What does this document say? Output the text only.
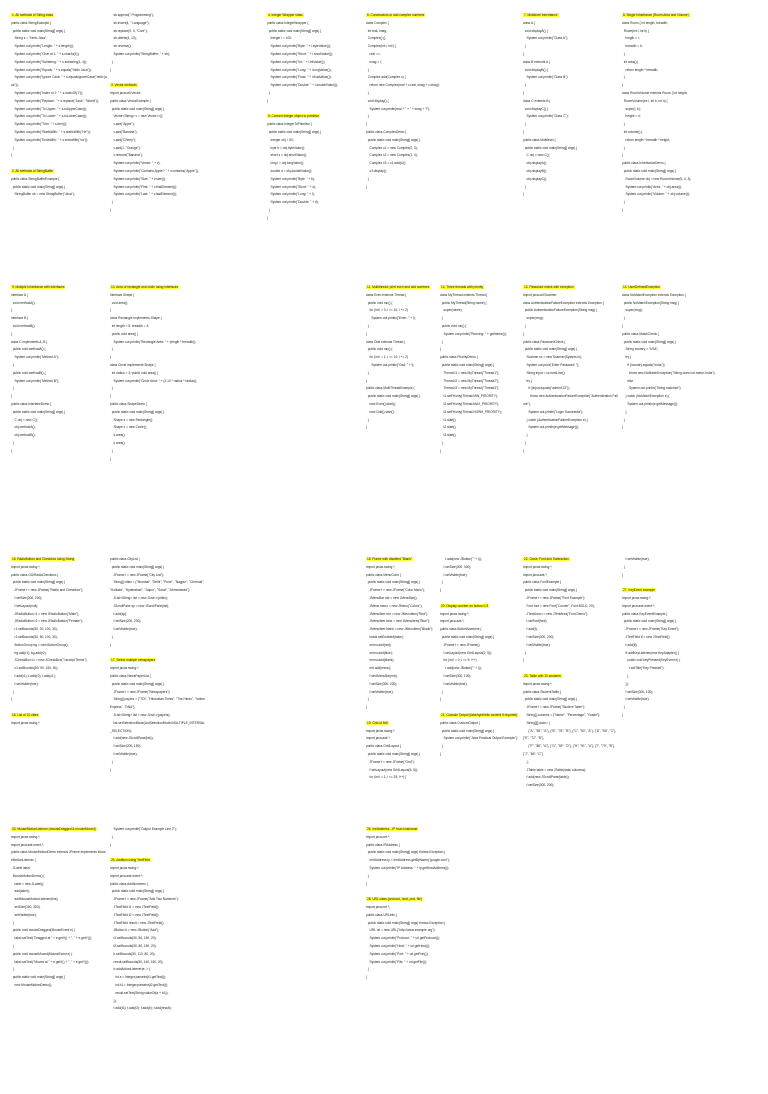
1. All methods of String class
public class StringExample {
public static void main(String[] args) {
String s = "Hello Java";
System.out.println("Length: " + s.length());
System.out.println("Char at 1: " + s.charAt(1));
System.out.println("Substring: " + s.substring(1, 4));
System.out.println("Equals: " + s.equals("Hello Java"));
System.out.println("Ignore Case: " + s.equalsIgnoreCase("hello java"));
System.out.println("Index of J: " + s.indexOf('J'));
System.out.println("Replace: " + s.replace("Java", "World"));
System.out.println("To Upper: " + s.toUpperCase());
System.out.println("To Lower: " + s.toLowerCase());
System.out.println("Trim: " + s.trim());
System.out.println("StartsWith: " + s.startsWith("He"));
System.out.println("EndsWith: " + s.endsWith("va"));
}
}
2. All methods of StringBuffer
public class StringBufferExample {
public static void main(String[] args) {
StringBuffer sb = new StringBuffer("Java");
sb.append(" Programming");
sb.insert(4, " Language");
sb.replace(0, 4, "Core");
sb.delete(4, 13);
sb.reverse();
System.out.println("StringBuffer: " + sb);
}
}
3. Vector methods
import java.util.Vector;
public class VectorExample {
public static void main(String[] args) {
Vector<String> v = new Vector<>();
v.add("Apple");
v.add("Banana");
v.add("Cherry");
v.add(1, "Orange");
v.remove("Banana");
System.out.println("Vector: " + v);
System.out.println("Contains Apple? " + v.contains("Apple"));
System.out.println("Size: " + v.size());
System.out.println("First: " + v.firstElement());
System.out.println("Last: " + v.lastElement());
}
}
4. Integer Wrapper class
public class IntegerWrapper {
public static void main(String[] args) {
Integer i = 100;
System.out.println("Byte: " + i.byteValue());
System.out.println("Short: " + i.shortValue());
System.out.println("Int: " + i.intValue());
System.out.println("Long: " + i.longValue());
System.out.println("Float: " + i.floatValue());
System.out.println("Double: " + i.doubleValue());
}
}
5. Convert integer object to primitive
public class IntegerToPrimitive {
public static void main(String[] args) {
Integer obj = 50;
byte b = obj.byteValue();
short s = obj.shortValue();
long l = obj.longValue();
double d = obj.doubleValue();
System.out.println("Byte: " + b);
System.out.println("Short: " + s);
System.out.println("Long: " + l);
System.out.println("Double: " + d);
}
}
6. Constructors to add complex numbers
class Complex {
int real, imag;
Complex() {}
Complex(int r, int i) {
real = r;
imag = i;
}
Complex add(Complex c) {
return new Complex(real + c.real, imag + c.imag);
}
void display() {
System.out.println(real + " + " + imag + "i");
}
}
public class ComplexDemo {
public static void main(String[] args) {
Complex c1 = new Complex(2, 3);
Complex c2 = new Complex(1, 4);
Complex c3 = c1.add(c2);
c3.display();
}
}
7. Multilevel Inheritance
class A {
void displayA() {
System.out.println("Class A");
}
}
class B extends A {
void displayB() {
System.out.println("Class B");
}
}
class C extends B {
void displayC() {
System.out.println("Class C");
}
}
public class Multilevel {
public static void main(String[] args) {
C obj = new C();
obj.displayA();
obj.displayB();
obj.displayC();
}
}
8. Single Inheritance (Room Area and Volume)
class Room { int length, breadth;
Room(int l, int b) {
length = l;
breadth = b;
}
int area() {
return length * breadth;
}
}
class RoomVolume extends Room { int height;
RoomVolume(int l, int b, int h) {
super(l, b);
height = h;
}
int volume() {
return length * breadth * height;
}
}
public class InheritanceDemo {
public static void main(String[] args) {
RoomVolume obj = new RoomVolume(5, 4, 3);
System.out.println("Area: " + obj.area());
System.out.println("Volume: " + obj.volume());
}
}
9. Multiple Inheritance with interfaces
interface A {
void methodA();
}
interface B {
void methodB();
}
class C implements A, B {
public void methodA() {
System.out.println("Method A");
}
public void methodB() {
System.out.println("Method B");
}
}
public class InterfaceDemo {
public static void main(String[] args) {
C obj = new C();
obj.methodA();
obj.methodB();
}
}
10. Area of rectangle and circle using interfaces
interface Shape {
void area();
}
class Rectangle implements Shape {
int length = 5, breadth = 4;
public void area() {
System.out.println("Rectangle Area: " + (length * breadth));
}
}
class Circle implements Shape {
int radius = 3; public void area() {
System.out.println("Circle Area: " + (3.14 * radius * radius));
}
}
public class ShapeDemo {
public static void main(String[] args) {
Shape s = new Rectangle();
Shape c = new Circle();
s.area();
c.area();
}
}
11. Multithread: print even and odd numbers
class Even extends Thread {
public void run() {
for (int i = 0; i <= 10; i += 2)
System.out.println("Even: " + i);
}
}
class Odd extends Thread {
public void run() {
for (int i = 1; i <= 10; i += 2)
System.out.println("Odd: " + i);
}
}
public class MultiThreadExample {
public static void main(String[] args) {
new Even().start();
new Odd().start();
}
}
12. Three threads with priority
class MyThread extends Thread {
public MyThread(String name) {
super(name);
}
public void run() {
System.out.println("Running: " + getName());
}
}
public class PriorityDemo {
public static void main(String[] args) {
Thread t1 = new MyThread("Thread1");
Thread t2 = new MyThread("Thread2");
Thread t3 = new MyThread("Thread3");
t1.setPriority(Thread.MIN_PRIORITY);
t2.setPriority(Thread.MAX_PRIORITY);
t3.setPriority(Thread.NORM_PRIORITY);
t1.start();
t2.start();
t3.start();
}
}
13. Password check with exception
import java.util.Scanner;
class AuthenticationFailureException extends Exception {
public AuthenticationFailureException(String msg) {
super(msg);
}
}
public class PasswordCheck {
public static void main(String[] args) {
Scanner sc = new Scanner(System.in);
System.out.print("Enter Password: ");
String input = sc.nextLine();
try {
if (!input.equals("admin123"))
throw new AuthenticationFailureException("Authentication Failure");
System.out.println("Login Successful");
} catch (AuthenticationFailureException e) {
System.out.println(e.getMessage());
}
}
}
14. UserDefinedException
class NoMatchException extends Exception {
public NoMatchException(String msg) {
super(msg);
}
}
public class MatchCheck {
public static void main(String[] args) {
String country = "USA";
try {
if (!country.equals("India"))
throw new NoMatchException("String does not match India");
else
System.out.println("String matched");
} catch (NoMatchException e) {
System.out.println(e.getMessage());
}
}
}
15. RadioButton and Checkbox using Swing
import javax.swing.*;
public class GUIRadioCheckbox {
public static void main(String[] args) {
JFrame f = new JFrame("Radio and Checkbox");
f.setSize(300, 200);
f.setLayout(null);
JRadioButton r1 = new JRadioButton("Male");
JRadioButton r2 = new JRadioButton("Female");
r1.setBounds(50, 20, 100, 30);
r2.setBounds(50, 50, 100, 30);
ButtonGroup bg = new ButtonGroup();
bg.add(r1); bg.add(r2);
JCheckBox c1 = new JCheckBox("I accept Terms");
c1.setBounds(50, 90, 150, 30);
f.add(r1); f.add(r2); f.add(c1);
f.setVisible(true);
}
}
16. List of 10 cities
import javax.swing.*;
public class CityList {
public static void main(String[] args) {
JFrame f = new JFrame("City List");
String[] cities = {"Mumbai", "Delhi", "Pune", "Nagpur", "Chennai", "Kolkata", "Hyderabad", "Jaipur", "Surat", "Ahmedabad"};
JList<String> list = new JList<>(cities);
JScrollPane sp = new JScrollPane(list);
f.add(sp);
f.setSize(200, 200);
f.setVisible(true);
}
}
17. Select multiple newspapers
import javax.swing.*;
public class NewsPaperList {
public static void main(String[] args) {
JFrame f = new JFrame("Newspapers");
String[] papers = {"TOI", "Hindustan Times", "The Hindu", "Indian Express", "DNA"};
JList<String> list = new JList<>(papers);
list.setSelectionMode(ListSelectionModel.MULTIPLE_INTERVAL_SELECTION);
f.add(new JScrollPane(list));
f.setSize(200, 150);
f.setVisible(true);
}
}
18. Frame with disabled "Blank"
import javax.swing.*;
public class MenuColor {
public static void main(String[] args) {
JFrame f = new JFrame("Color Menu");
JMenuBar mb = new JMenuBar();
JMenu menu = new JMenu("Colors");
JMenuItem red = new JMenuItem("Red");
JMenuItem blue = new JMenuItem("Blue");
JMenuItem blank = new JMenuItem("Blank");
blank.setEnabled(false);
menu.add(red);
menu.add(blue);
menu.add(blank);
mb.add(menu);
f.setJMenuBar(mb);
f.setSize(300, 200);
f.setVisible(true);
}
}
19. Grid of 5x5
import javax.swing.*;
import java.awt.*;
public class GridLayout {
public static void main(String[] args) {
JFrame f = new JFrame("Grid");
f.setLayout(new GridLayout(5, 5));
for (int i = 1; i <= 25; i++) {
f.add(new JButton("" + i));
f.setSize(300, 300);
f.setVisible(true);
}
}
20. Display number on button 0-9
import javax.swing.*;
import java.awt.*;
public class ButtonNumbers {
public static void main(String[] args) {
JFrame f = new JFrame();
f.setLayout(new GridLayout(2, 5));
for (int i = 0; i <= 9; i++)
f.add(new JButton("" + i));
f.setSize(300, 100);
f.setVisible(true);
}
}
21. Console Output (fake/synthetic content if required)
public class CustomOutput {
public static void main(String[] args) {
System.out.println("Java Practical Output Example");
}
}
22. Close: Font and Subtraction
import javax.swing.*;
import java.awt.*;
public class FontExample {
public static void main(String[] args) {
JFrame f = new JFrame("Font Example");
Font font = new Font("Courier", Font.BOLD, 20);
JTextArea t = new JTextArea("Font Demo");
t.setFont(font);
f.add(t);
f.setSize(300, 200);
f.setVisible(true);
}
}
23. Table with 10 students
import javax.swing.*;
public class StudentTable {
public static void main(String[] args) {
JFrame f = new JFrame("Student Table");
String[] columns = {"Name", "Percentage", "Grade"};
String[][] data = {
{"A", "85", "A"}, {"B", "78", "B"}, {"C", "90", "A"}, {"D", "65", "C"}, {"E", "72", "B"},
{"F", "88", "A"}, {"G", "59", "D"}, {"H", "91", "A"}, {"I", "70", "B"}, {"J", "66", "C"}
};
JTable table = new JTable(data, columns);
f.add(new JScrollPane(table));
f.setSize(300, 200);
f.setVisible(true);
}
}
27. KeyEvent example
import javax.swing.*;
import java.awt.event.*;
public class KeyEventExample {
public static void main(String[] args) {
JFrame f = new JFrame("Key Event");
JTextField tf = new JTextField();
f.add(tf);
tf.addKeyListener(new KeyAdapter() {
public void keyPressed(KeyEvent e) {
f.setTitle("Key Pressed");
}
});
f.setSize(300, 100);
f.setVisible(true);
}
}
24. MouseMotionListener (mouseDragged & mouseMoved)
import javax.swing.*;
import java.awt.event.*;
public class MouseMotionDemo extends JFrame implements MouseMotionListener {
JLabel label;
MouseMotionDemo() {
label = new JLabel();
add(label);
addMouseMotionListener(this);
setSize(300, 300);
setVisible(true);
}
public void mouseDragged(MouseEvent e) {
label.setText("Dragged at " + e.getX() + ", " + e.getY());
}
public void mouseMoved(MouseEvent e) {
label.setText("Moved at " + e.getX() + ", " + e.getY());
}
public static void main(String[] args) {
new MouseMotionDemo();
System.out.println("Output Example Line 2");
}
}
25. Addition using TextField
import javax.swing.*;
import java.awt.event.*;
public class AddNumbers {
public static void main(String[] args) {
JFrame f = new JFrame("Add Two Numbers");
JTextField t1 = new JTextField();
JTextField t2 = new JTextField();
JTextField result = new JTextField();
JButton b = new JButton("Add");
t1.setBounds(50, 50, 150, 20);
t2.setBounds(50, 80, 150, 20);
b.setBounds(50, 110, 80, 20);
result.setBounds(50, 140, 150, 20);
b.addActionListener(e -> {
int a = Integer.parseInt(t1.getText());
int b1 = Integer.parseInt(t2.getText());
result.setText(String.valueOf(a + b1));
});
f.add(t1); f.add(t2); f.add(b); f.add(result);
26. InetAddress - IP from hostname
import java.net.*;
public class IPAddress {
public static void main(String[] args) throws Exception {
InetAddress ip = InetAddress.getByName("google.com");
System.out.println("IP Address: " + ip.getHostAddress());
}
}
28. URL class (protocol, host, port, file)
import java.net.*;
public class URLInfo {
public static void main(String[] args) throws Exception {
URL url = new URL("http://www.example.org");
System.out.println("Protocol: " + url.getProtocol());
System.out.println("Host: " + url.getHost());
System.out.println("Port: " + url.getPort());
System.out.println("File: " + url.getFile());
}
}
